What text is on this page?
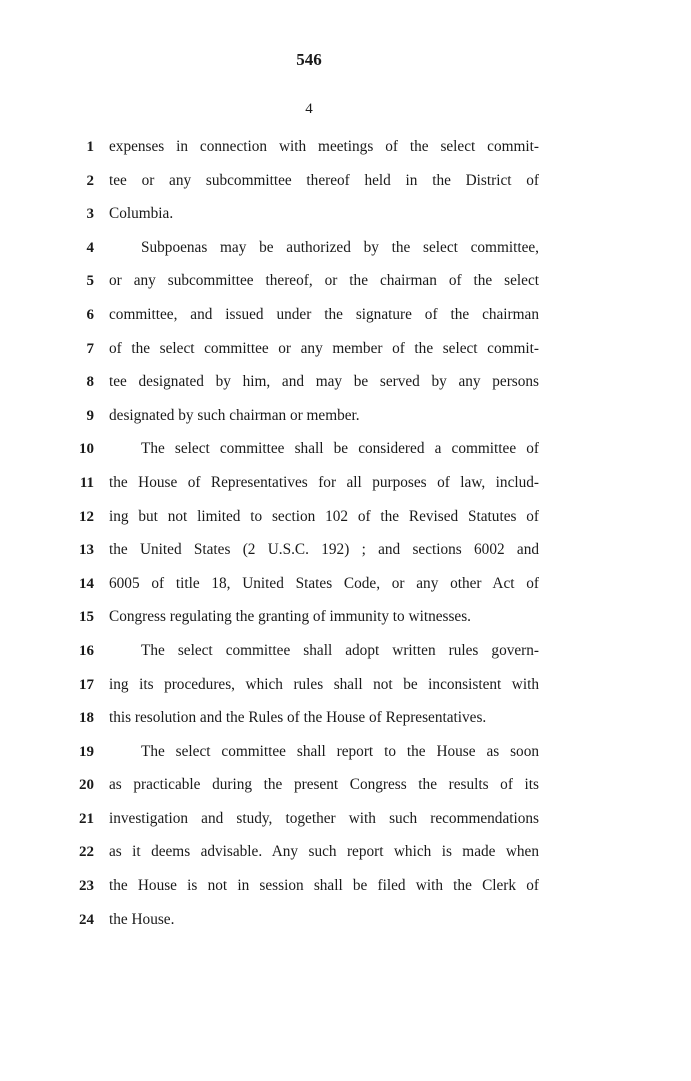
546
4
1 expenses in connection with meetings of the select commit-
2 tee or any subcommittee thereof held in the District of
3 Columbia.
4	Subpoenas may be authorized by the select committee,
5 or any subcommittee thereof, or the chairman of the select
6 committee, and issued under the signature of the chairman
7 of the select committee or any member of the select commit-
8 tee designated by him, and may be served by any persons
9 designated by such chairman or member.
10	The select committee shall be considered a committee of
11 the House of Representatives for all purposes of law, includ-
12 ing but not limited to section 102 of the Revised Statutes of
13 the United States (2 U.S.C. 192) ; and sections 6002 and
14 6005 of title 18, United States Code, or any other Act of
15 Congress regulating the granting of immunity to witnesses.
16	The select committee shall adopt written rules govern-
17 ing its procedures, which rules shall not be inconsistent with
18 this resolution and the Rules of the House of Representatives.
19	The select committee shall report to the House as soon
20 as practicable during the present Congress the results of its
21 investigation and study, together with such recommendations
22 as it deems advisable. Any such report which is made when
23 the House is not in session shall be filed with the Clerk of
24 the House.
